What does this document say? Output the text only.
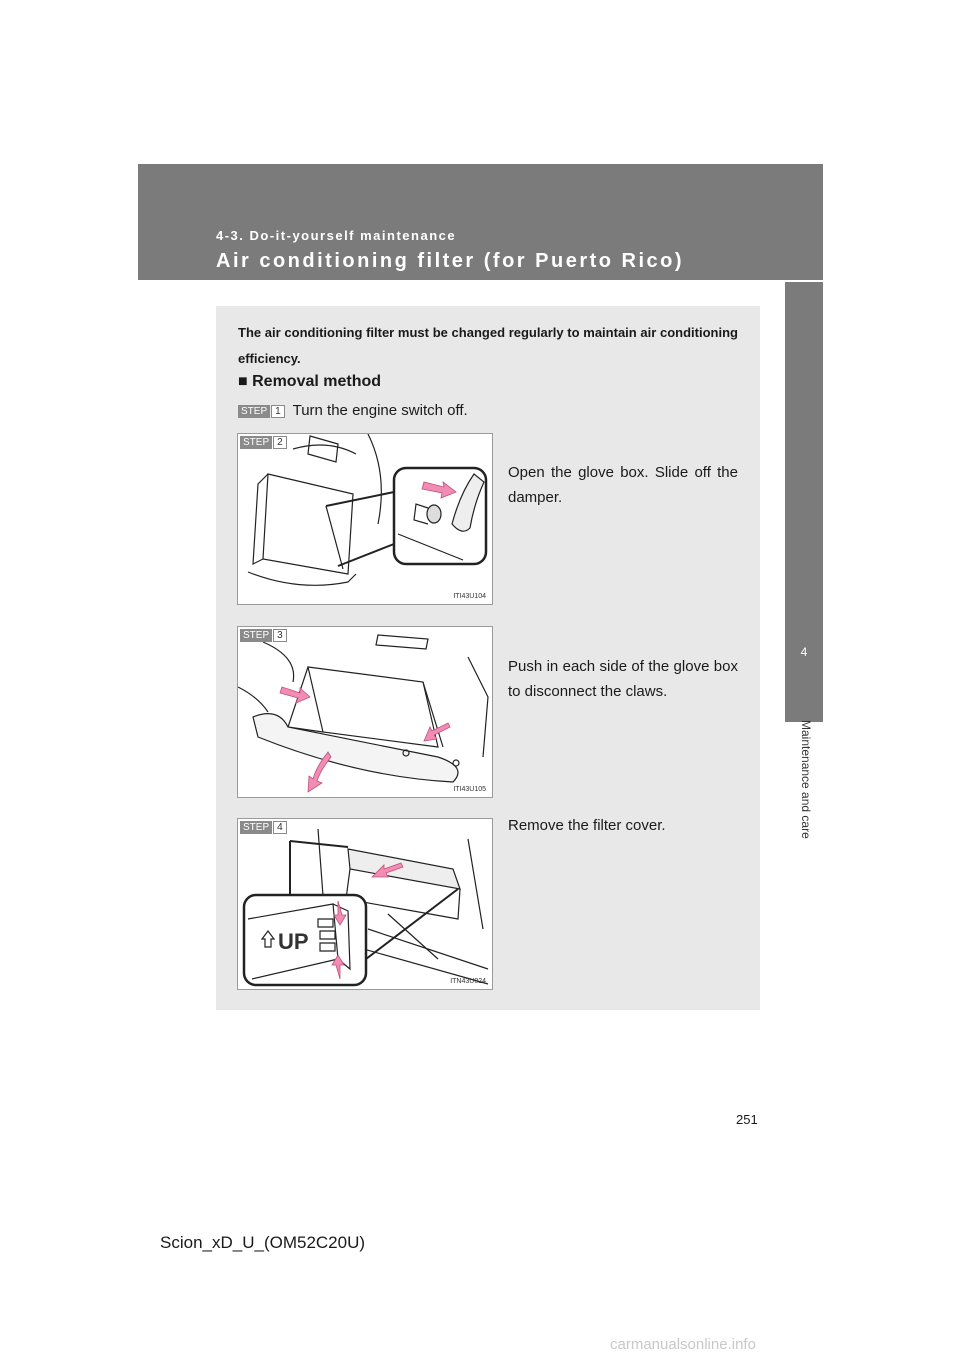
4-3. Do-it-yourself maintenance
Air conditioning filter (for Puerto Rico)
4
Maintenance and care
The air conditioning filter must be changed regularly to maintain air conditioning efficiency.
■ Removal method
STEP 1 Turn the engine switch off.
STEP 2
ITI43U104
Open the glove box. Slide off the damper.
STEP 3
ITI43U105
Push in each side of the glove box to disconnect the claws.
STEP 4
UP
ITN43U024
Remove the filter cover.
251
Scion_xD_U_(OM52C20U)
carmanualsonline.info
